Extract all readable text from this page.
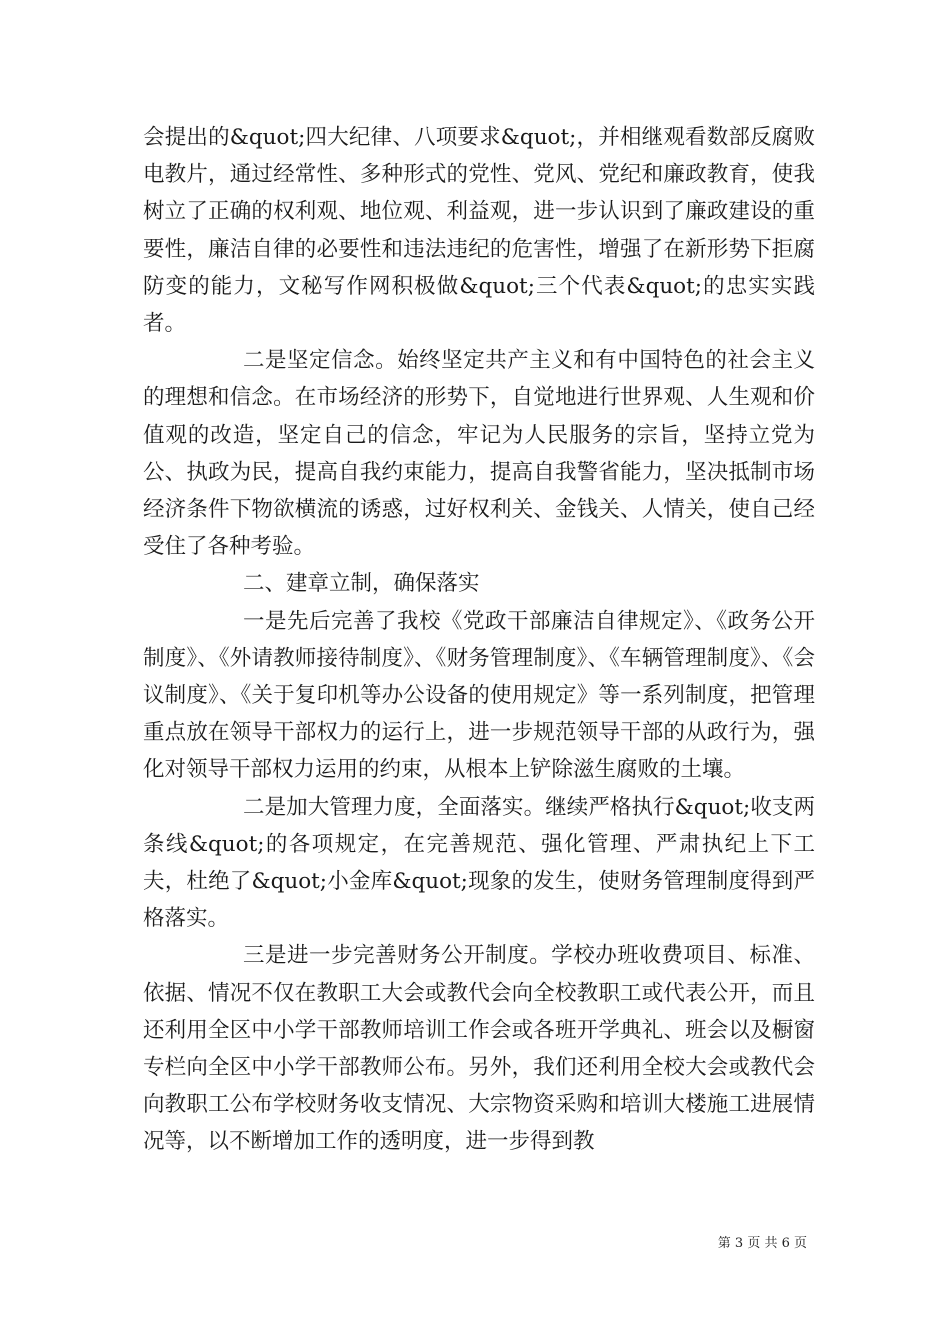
会提出的&quot;四大纪律、八项要求&quot;，并相继观看数部反腐败电教片，通过经常性、多种形式的党性、党风、党纪和廉政教育，使我树立了正确的权利观、地位观、利益观，进一步认识到了廉政建设的重要性，廉洁自律的必要性和违法违纪的危害性，增强了在新形势下拒腐防变的能力，文秘写作网积极做&quot;三个代表&quot;的忠实实践者。

二是坚定信念。始终坚定共产主义和有中国特色的社会主义的理想和信念。在市场经济的形势下，自觉地进行世界观、人生观和价值观的改造，坚定自己的信念，牢记为人民服务的宗旨，坚持立党为公、执政为民，提高自我约束能力，提高自我警省能力，坚决抵制市场经济条件下物欲横流的诱惑，过好权利关、金钱关、人情关，使自己经受住了各种考验。

二、建章立制，确保落实

一是先后完善了我校《党政干部廉洁自律规定》、《政务公开制度》、《外请教师接待制度》、《财务管理制度》、《车辆管理制度》、《会议制度》、《关于复印机等办公设备的使用规定》等一系列制度，把管理重点放在领导干部权力的运行上，进一步规范领导干部的从政行为，强化对领导干部权力运用的约束，从根本上铲除滋生腐败的土壤。

二是加大管理力度，全面落实。继续严格执行&quot;收支两条线&quot;的各项规定，在完善规范、强化管理、严肃执纪上下工夫，杜绝了&quot;小金库&quot;现象的发生，使财务管理制度得到严格落实。

三是进一步完善财务公开制度。学校办班收费项目、标准、依据、情况不仅在教职工大会或教代会向全校教职工或代表公开，而且还利用全区中小学干部教师培训工作会或各班开学典礼、班会以及橱窗专栏向全区中小学干部教师公布。另外，我们还利用全校大会或教代会向教职工公布学校财务收支情况、大宗物资采购和培训大楼施工进展情况等，以不断增加工作的透明度，进一步得到教

第 3 页 共 6 页
